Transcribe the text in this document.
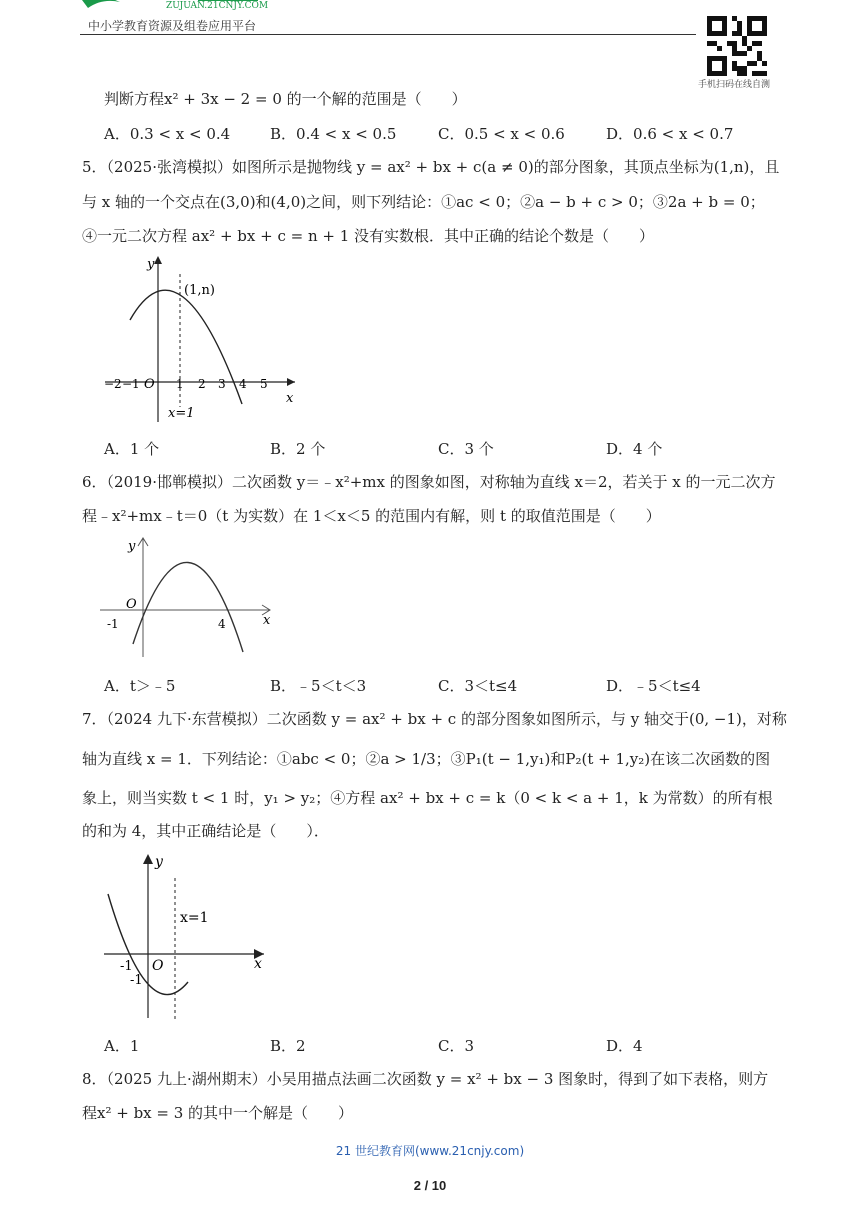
ZUJUAN.21CNJY.COM
中小学教育资源及组卷应用平台
手机扫码在线自测
判断方程x² + 3x − 2 = 0 的一个解的范围是（　　）
A．0.3 < x < 0.4	B．0.4 < x < 0.5	C．0.5 < x < 0.6	D．0.6 < x < 0.7
5．（2025·张湾模拟）如图所示是抛物线 y = ax² + bx + c(a ≠ 0)的部分图象，其顶点坐标为(1,n)，且
与 x 轴的一个交点在(3,0)和(4,0)之间，则下列结论：①ac < 0；②a − b + c > 0；③2a + b = 0；
④一元二次方程 ax² + bx + c = n + 1 没有实数根．其中正确的结论个数是（　　）
y
x
(1,n)
O
−2 −1	1 2 3 4 5
x=1
A．1 个	B．2 个	C．3 个	D．4 个
6．（2019·邯郸模拟）二次函数 y＝﹣x²+mx 的图象如图，对称轴为直线 x＝2，若关于 x 的一元二次方
程﹣x²+mx﹣t＝0（t 为实数）在 1＜x＜5 的范围内有解，则 t 的取值范围是（　　）
y
x
O
-1	4
A．t＞﹣5	B．﹣5＜t＜3	C．3＜t≤4	D．﹣5＜t≤4
7．（2024 九下·东营模拟）二次函数 y = ax² + bx + c 的部分图象如图所示，与 y 轴交于(0, −1)，对称
轴为直线 x = 1．下列结论：①abc < 0；②a > 1/3；③P₁(t − 1,y₁)和P₂(t + 1,y₂)在该二次函数的图
象上，则当实数 t < 1 时，y₁ > y₂；④方程 ax² + bx + c = k（0 < k < a + 1，k 为常数）的所有根
的和为 4，其中正确结论是（　　）．
y
x
x=1
O
-1
-1
A．1	B．2	C．3	D．4
8．（2025 九上·湖州期末）小吴用描点法画二次函数 y = x² + bx − 3 图象时，得到了如下表格，则方
程x² + bx = 3 的其中一个解是（　　）
21 世纪教育网(www.21cnjy.com)
2 / 10
